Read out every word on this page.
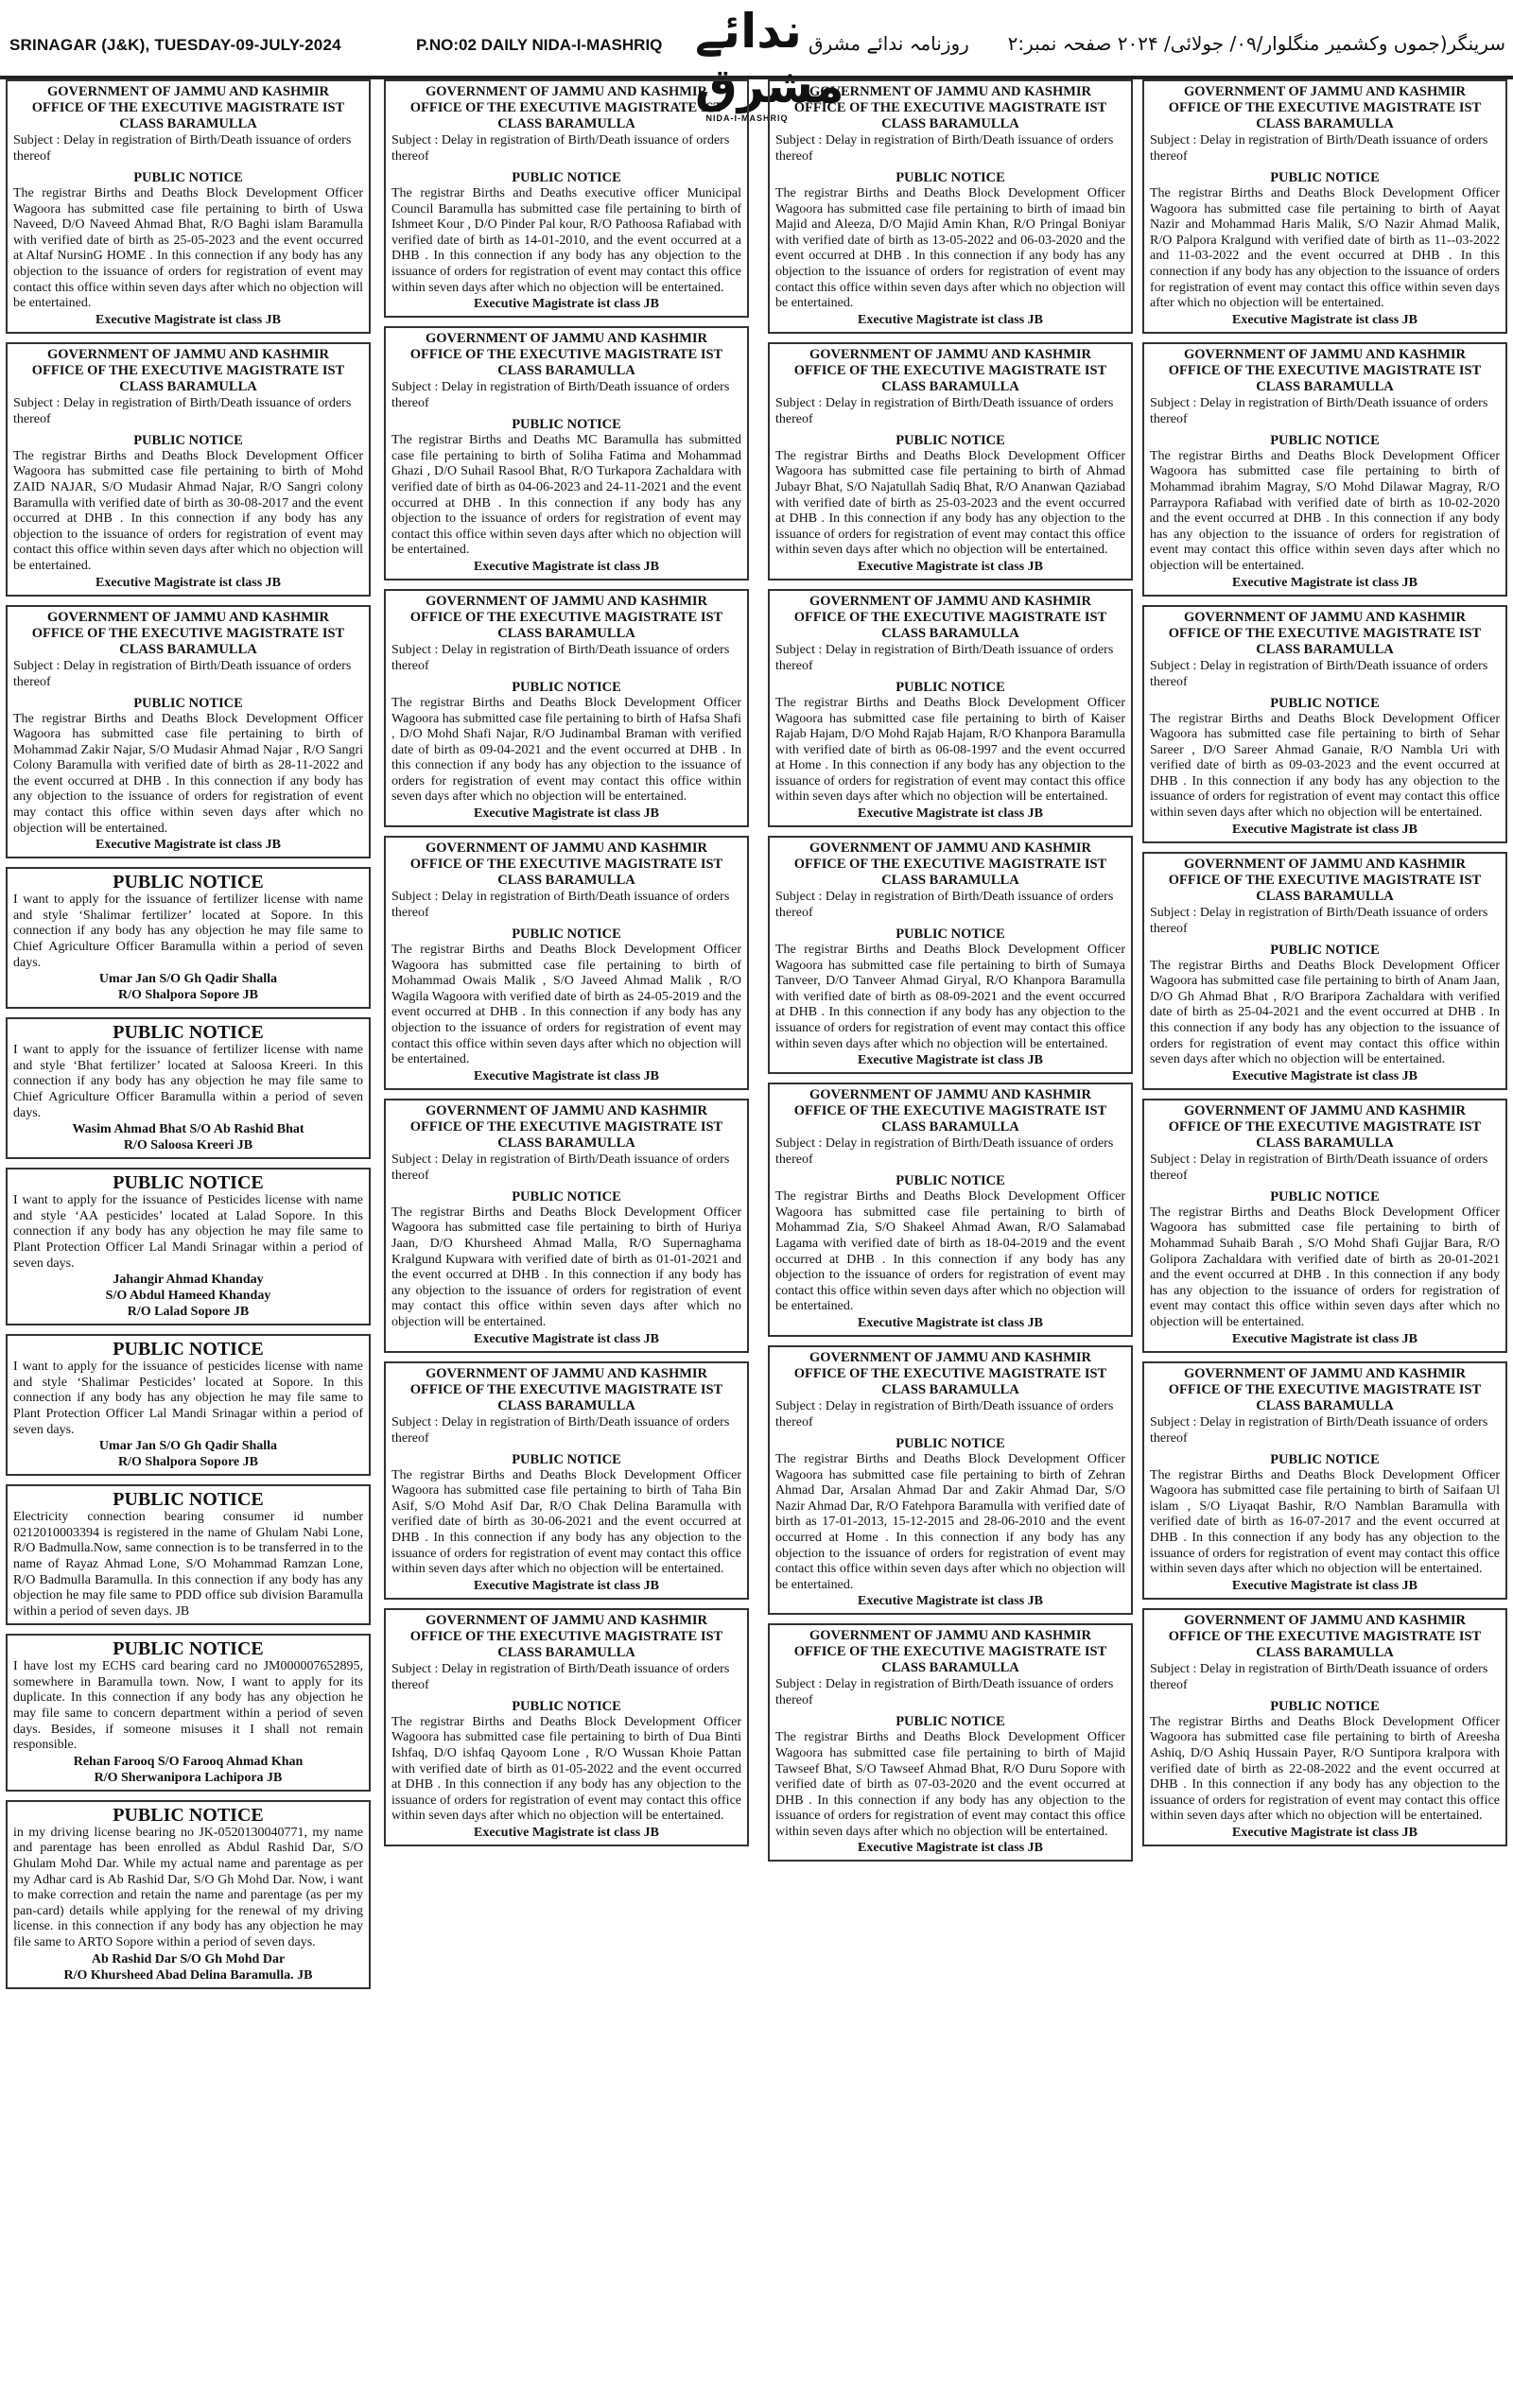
SRINAGAR (J&K), TUESDAY-09-JULY-2024	P.NO:02 DAILY NIDA-I-MASHRIQ ندائے مشرق
NIDA-I-MASHRIQ
روزنامہ ندائے مشرق سرینگر(جموں وکشمیر منگلوار/۰۹/ جولائی/ ۲۰۲۴ صفحہ نمبر:۲
GOVERNMENT OF JAMMU AND KASHMIR
OFFICE OF THE EXECUTIVE MAGISTRATE IST
CLASS BARAMULLA
Subject : Delay in registration of Birth/Death issuance of orders thereof
PUBLIC NOTICE
The registrar Births and Deaths Block Development Officer Wagoora has submitted case file pertaining to birth of Uswa Naveed, D/O Naveed Ahmad Bhat, R/O Baghi islam Baramulla with verified date of birth as 25-05-2023 and the event occurred at Altaf NursinG HOME . In this connection if any body has any objection to the issuance of orders for registration of event may contact this office within seven days after which no objection will be entertained.
Executive Magistrate ist class JB
GOVERNMENT OF JAMMU AND KASHMIR
OFFICE OF THE EXECUTIVE MAGISTRATE IST
CLASS BARAMULLA
Subject : Delay in registration of Birth/Death issuance of orders thereof
PUBLIC NOTICE
The registrar Births and Deaths Block Development Officer Wagoora has submitted case file pertaining to birth of Mohd ZAID NAJAR, S/O Mudasir Ahmad Najar, R/O Sangri colony Baramulla with verified date of birth as 30-08-2017 and the event occurred at DHB . In this connection if any body has any objection to the issuance of orders for registration of event may contact this office within seven days after which no objection will be entertained.
Executive Magistrate ist class JB
GOVERNMENT OF JAMMU AND KASHMIR
OFFICE OF THE EXECUTIVE MAGISTRATE IST
CLASS BARAMULLA
Subject : Delay in registration of Birth/Death issuance of orders thereof
PUBLIC NOTICE
The registrar Births and Deaths Block Development Officer Wagoora has submitted case file pertaining to birth of Mohammad Zakir Najar, S/O Mudasir Ahmad Najar , R/O Sangri Colony Baramulla with verified date of birth as 28-11-2022 and the event occurred at DHB . In this connection if any body has any objection to the issuance of orders for registration of event may contact this office within seven days after which no objection will be entertained.
Executive Magistrate ist class JB
PUBLIC NOTICE
I want to apply for the issuance of fertilizer license with name and style ‘Shalimar fertilizer’ located at Sopore. In this connection if any body has any objection he may file same to Chief Agriculture Officer Baramulla within a period of seven days.
Umar Jan S/O Gh Qadir Shalla
R/O Shalpora Sopore JB
PUBLIC NOTICE
I want to apply for the issuance of fertilizer license with name and style ‘Bhat fertilizer’ located at Saloosa Kreeri. In this connection if any body has any objection he may file same to Chief Agriculture Officer Baramulla within a period of seven days.
Wasim Ahmad Bhat S/O Ab Rashid Bhat
R/O Saloosa Kreeri JB
PUBLIC NOTICE
I want to apply for the issuance of Pesticides license with name and style ‘AA pesticides’ located at Lalad Sopore. In this connection if any body has any objection he may file same to Plant Protection Officer Lal Mandi Srinagar within a period of seven days.
Jahangir Ahmad Khanday
S/O Abdul Hameed Khanday
R/O Lalad Sopore JB
PUBLIC NOTICE
I want to apply for the issuance of pesticides license with name and style ‘Shalimar Pesticides’ located at Sopore. In this connection if any body has any objection he may file same to Plant Protection Officer Lal Mandi Srinagar within a period of seven days.
Umar Jan S/O Gh Qadir Shalla
R/O Shalpora Sopore JB
PUBLIC NOTICE
Electricity connection bearing consumer id number 0212010003394 is registered in the name of Ghulam Nabi Lone, R/O Badmulla.Now, same connection is to be transferred in to the name of Rayaz Ahmad Lone, S/O Mohammad Ramzan Lone, R/O Badmulla Baramulla. In this connection if any body has any objection he may file same to PDD office sub division Baramulla within a period of seven days. JB
PUBLIC NOTICE
I have lost my ECHS card bearing card no JM000007652895, somewhere in Baramulla town. Now, I want to apply for its duplicate. In this connection if any body has any objection he may file same to concern department within a period of seven days. Besides, if someone misuses it I shall not remain responsible.
Rehan Farooq S/O Farooq Ahmad Khan
R/O Sherwanipora Lachipora JB
PUBLIC NOTICE
in my driving license bearing no JK-0520130040771, my name and parentage has been enrolled as Abdul Rashid Dar, S/O Ghulam Mohd Dar. While my actual name and parentage as per my Adhar card is Ab Rashid Dar, S/O Gh Mohd Dar. Now, i want to make correction and retain the name and parentage (as per my pan-card) details while applying for the renewal of my driving license. in this connection if any body has any objection he may file same to ARTO Sopore within a period of seven days.
Ab Rashid Dar S/O Gh Mohd Dar
R/O Khursheed Abad Delina Baramulla. JB
GOVERNMENT OF JAMMU AND KASHMIR
OFFICE OF THE EXECUTIVE MAGISTRATE IST
CLASS BARAMULLA
Subject : Delay in registration of Birth/Death issuance of orders thereof
PUBLIC NOTICE
The registrar Births and Deaths executive officer Municipal Council Baramulla has submitted case file pertaining to birth of Ishmeet Kour , D/O Pinder Pal kour, R/O Pathoosa Rafiabad with verified date of birth as 14-01-2010, and the event occurred at a DHB . In this connection if any body has any objection to the issuance of orders for registration of event may contact this office within seven days after which no objection will be entertained.
Executive Magistrate ist class JB
GOVERNMENT OF JAMMU AND KASHMIR
OFFICE OF THE EXECUTIVE MAGISTRATE IST
CLASS BARAMULLA
Subject : Delay in registration of Birth/Death issuance of orders thereof
PUBLIC NOTICE
The registrar Births and Deaths MC Baramulla has submitted case file pertaining to birth of Soliha Fatima and Mohammad Ghazi , D/O Suhail Rasool Bhat, R/O Turkapora Zachaldara with verified date of birth as 04-06-2023 and 24-11-2021 and the event occurred at DHB . In this connection if any body has any objection to the issuance of orders for registration of event may contact this office within seven days after which no objection will be entertained.
Executive Magistrate ist class JB
GOVERNMENT OF JAMMU AND KASHMIR
OFFICE OF THE EXECUTIVE MAGISTRATE IST
CLASS BARAMULLA
Subject : Delay in registration of Birth/Death issuance of orders thereof
PUBLIC NOTICE
The registrar Births and Deaths Block Development Officer Wagoora has submitted case file pertaining to birth of Hafsa Shafi , D/O Mohd Shafi Najar, R/O Judinambal Braman with verified date of birth as 09-04-2021 and the event occurred at DHB . In this connection if any body has any objection to the issuance of orders for registration of event may contact this office within seven days after which no objection will be entertained.
Executive Magistrate ist class JB
GOVERNMENT OF JAMMU AND KASHMIR
OFFICE OF THE EXECUTIVE MAGISTRATE IST
CLASS BARAMULLA
Subject : Delay in registration of Birth/Death issuance of orders thereof
PUBLIC NOTICE
The registrar Births and Deaths Block Development Officer Wagoora has submitted case file pertaining to birth of Mohammad Owais Malik , S/O Javeed Ahmad Malik , R/O Wagila Wagoora with verified date of birth as 24-05-2019 and the event occurred at DHB . In this connection if any body has any objection to the issuance of orders for registration of event may contact this office within seven days after which no objection will be entertained.
Executive Magistrate ist class JB
GOVERNMENT OF JAMMU AND KASHMIR
OFFICE OF THE EXECUTIVE MAGISTRATE IST
CLASS BARAMULLA
Subject : Delay in registration of Birth/Death issuance of orders thereof
PUBLIC NOTICE
The registrar Births and Deaths Block Development Officer Wagoora has submitted case file pertaining to birth of Huriya Jaan, D/O Khursheed Ahmad Malla, R/O Supernaghama Kralgund Kupwara with verified date of birth as 01-01-2021 and the event occurred at DHB . In this connection if any body has any objection to the issuance of orders for registration of event may contact this office within seven days after which no objection will be entertained.
Executive Magistrate ist class JB
GOVERNMENT OF JAMMU AND KASHMIR
OFFICE OF THE EXECUTIVE MAGISTRATE IST
CLASS BARAMULLA
Subject : Delay in registration of Birth/Death issuance of orders thereof
PUBLIC NOTICE
The registrar Births and Deaths Block Development Officer Wagoora has submitted case file pertaining to birth of Taha Bin Asif, S/O Mohd Asif Dar, R/O Chak Delina Baramulla with verified date of birth as 30-06-2021 and the event occurred at DHB . In this connection if any body has any objection to the issuance of orders for registration of event may contact this office within seven days after which no objection will be entertained.
Executive Magistrate ist class JB
GOVERNMENT OF JAMMU AND KASHMIR
OFFICE OF THE EXECUTIVE MAGISTRATE IST
CLASS BARAMULLA
Subject : Delay in registration of Birth/Death issuance of orders thereof
PUBLIC NOTICE
The registrar Births and Deaths Block Development Officer Wagoora has submitted case file pertaining to birth of Dua Binti Ishfaq, D/O ishfaq Qayoom Lone , R/O Wussan Khoie Pattan with verified date of birth as 01-05-2022 and the event occurred at DHB . In this connection if any body has any objection to the issuance of orders for registration of event may contact this office within seven days after which no objection will be entertained.
Executive Magistrate ist class JB
GOVERNMENT OF JAMMU AND KASHMIR
OFFICE OF THE EXECUTIVE MAGISTRATE IST
CLASS BARAMULLA
Subject : Delay in registration of Birth/Death issuance of orders thereof
PUBLIC NOTICE
The registrar Births and Deaths Block Development Officer Wagoora has submitted case file pertaining to birth of imaad bin Majid and Aleeza, D/O Majid Amin Khan, R/O Pringal Boniyar with verified date of birth as 13-05-2022 and 06-03-2020 and the event occurred at DHB . In this connection if any body has any objection to the issuance of orders for registration of event may contact this office within seven days after which no objection will be entertained.
Executive Magistrate ist class JB
GOVERNMENT OF JAMMU AND KASHMIR
OFFICE OF THE EXECUTIVE MAGISTRATE IST
CLASS BARAMULLA
Subject : Delay in registration of Birth/Death issuance of orders thereof
PUBLIC NOTICE
The registrar Births and Deaths Block Development Officer Wagoora has submitted case file pertaining to birth of Ahmad Jubayr Bhat, S/O Najatullah Sadiq Bhat, R/O Ananwan Qaziabad with verified date of birth as 25-03-2023 and the event occurred at DHB . In this connection if any body has any objection to the issuance of orders for registration of event may contact this office within seven days after which no objection will be entertained.
Executive Magistrate ist class JB
GOVERNMENT OF JAMMU AND KASHMIR
OFFICE OF THE EXECUTIVE MAGISTRATE IST
CLASS BARAMULLA
Subject : Delay in registration of Birth/Death issuance of orders thereof
PUBLIC NOTICE
The registrar Births and Deaths Block Development Officer Wagoora has submitted case file pertaining to birth of Kaiser Rajab Hajam, D/O Mohd Rajab Hajam, R/O Khanpora Baramulla with verified date of birth as 06-08-1997 and the event occurred at Home . In this connection if any body has any objection to the issuance of orders for registration of event may contact this office within seven days after which no objection will be entertained.
Executive Magistrate ist class JB
GOVERNMENT OF JAMMU AND KASHMIR
OFFICE OF THE EXECUTIVE MAGISTRATE IST
CLASS BARAMULLA
Subject : Delay in registration of Birth/Death issuance of orders thereof
PUBLIC NOTICE
The registrar Births and Deaths Block Development Officer Wagoora has submitted case file pertaining to birth of Sumaya Tanveer, D/O Tanveer Ahmad Giryal, R/O Khanpora Baramulla with verified date of birth as 08-09-2021 and the event occurred at DHB . In this connection if any body has any objection to the issuance of orders for registration of event may contact this office within seven days after which no objection will be entertained.
Executive Magistrate ist class JB
GOVERNMENT OF JAMMU AND KASHMIR
OFFICE OF THE EXECUTIVE MAGISTRATE IST
CLASS BARAMULLA
Subject : Delay in registration of Birth/Death issuance of orders thereof
PUBLIC NOTICE
The registrar Births and Deaths Block Development Officer Wagoora has submitted case file pertaining to birth of Mohammad Zia, S/O Shakeel Ahmad Awan, R/O Salamabad Lagama with verified date of birth as 18-04-2019 and the event occurred at DHB . In this connection if any body has any objection to the issuance of orders for registration of event may contact this office within seven days after which no objection will be entertained.
Executive Magistrate ist class JB
GOVERNMENT OF JAMMU AND KASHMIR
OFFICE OF THE EXECUTIVE MAGISTRATE IST
CLASS BARAMULLA
Subject : Delay in registration of Birth/Death issuance of orders thereof
PUBLIC NOTICE
The registrar Births and Deaths Block Development Officer Wagoora has submitted case file pertaining to birth of Zehran Ahmad Dar, Arsalan Ahmad Dar and Zakir Ahmad Dar, S/O Nazir Ahmad Dar, R/O Fatehpora Baramulla with verified date of birth as 17-01-2013, 15-12-2015 and 28-06-2010 and the event occurred at Home . In this connection if any body has any objection to the issuance of orders for registration of event may contact this office within seven days after which no objection will be entertained.
Executive Magistrate ist class JB
GOVERNMENT OF JAMMU AND KASHMIR
OFFICE OF THE EXECUTIVE MAGISTRATE IST
CLASS BARAMULLA
Subject : Delay in registration of Birth/Death issuance of orders thereof
PUBLIC NOTICE
The registrar Births and Deaths Block Development Officer Wagoora has submitted case file pertaining to birth of Majid Tawseef Bhat, S/O Tawseef Ahmad Bhat, R/O Duru Sopore with verified date of birth as 07-03-2020 and the event occurred at DHB . In this connection if any body has any objection to the issuance of orders for registration of event may contact this office within seven days after which no objection will be entertained.
Executive Magistrate ist class JB
GOVERNMENT OF JAMMU AND KASHMIR
OFFICE OF THE EXECUTIVE MAGISTRATE IST
CLASS BARAMULLA
Subject : Delay in registration of Birth/Death issuance of orders thereof
PUBLIC NOTICE
The registrar Births and Deaths Block Development Officer Wagoora has submitted case file pertaining to birth of Aayat Nazir and Mohammad Haris Malik, S/O Nazir Ahmad Malik, R/O Palpora Kralgund with verified date of birth as 11--03-2022 and 11-03-2022 and the event occurred at DHB . In this connection if any body has any objection to the issuance of orders for registration of event may contact this office within seven days after which no objection will be entertained.
Executive Magistrate ist class JB
GOVERNMENT OF JAMMU AND KASHMIR
OFFICE OF THE EXECUTIVE MAGISTRATE IST
CLASS BARAMULLA
Subject : Delay in registration of Birth/Death issuance of orders thereof
PUBLIC NOTICE
The registrar Births and Deaths Block Development Officer Wagoora has submitted case file pertaining to birth of Mohammad ibrahim Magray, S/O Mohd Dilawar Magray, R/O Parraypora Rafiabad with verified date of birth as 10-02-2020 and the event occurred at DHB . In this connection if any body has any objection to the issuance of orders for registration of event may contact this office within seven days after which no objection will be entertained.
Executive Magistrate ist class JB
GOVERNMENT OF JAMMU AND KASHMIR
OFFICE OF THE EXECUTIVE MAGISTRATE IST
CLASS BARAMULLA
Subject : Delay in registration of Birth/Death issuance of orders thereof
PUBLIC NOTICE
The registrar Births and Deaths Block Development Officer Wagoora has submitted case file pertaining to birth of Sehar Sareer , D/O Sareer Ahmad Ganaie, R/O Nambla Uri with verified date of birth as 09-03-2023 and the event occurred at DHB . In this connection if any body has any objection to the issuance of orders for registration of event may contact this office within seven days after which no objection will be entertained.
Executive Magistrate ist class JB
GOVERNMENT OF JAMMU AND KASHMIR
OFFICE OF THE EXECUTIVE MAGISTRATE IST
CLASS BARAMULLA
Subject : Delay in registration of Birth/Death issuance of orders thereof
PUBLIC NOTICE
The registrar Births and Deaths Block Development Officer Wagoora has submitted case file pertaining to birth of Anam Jaan, D/O Gh Ahmad Bhat , R/O Braripora Zachaldara with verified date of birth as 25-04-2021 and the event occurred at DHB . In this connection if any body has any objection to the issuance of orders for registration of event may contact this office within seven days after which no objection will be entertained.
Executive Magistrate ist class JB
GOVERNMENT OF JAMMU AND KASHMIR
OFFICE OF THE EXECUTIVE MAGISTRATE IST
CLASS BARAMULLA
Subject : Delay in registration of Birth/Death issuance of orders thereof
PUBLIC NOTICE
The registrar Births and Deaths Block Development Officer Wagoora has submitted case file pertaining to birth of Mohammad Suhaib Barah , S/O Mohd Shafi Gujjar Bara, R/O Golipora Zachaldara with verified date of birth as 20-01-2021 and the event occurred at DHB . In this connection if any body has any objection to the issuance of orders for registration of event may contact this office within seven days after which no objection will be entertained.
Executive Magistrate ist class JB
GOVERNMENT OF JAMMU AND KASHMIR
OFFICE OF THE EXECUTIVE MAGISTRATE IST
CLASS BARAMULLA
Subject : Delay in registration of Birth/Death issuance of orders thereof
PUBLIC NOTICE
The registrar Births and Deaths Block Development Officer Wagoora has submitted case file pertaining to birth of Saifaan Ul islam , S/O Liyaqat Bashir, R/O Namblan Baramulla with verified date of birth as 16-07-2017 and the event occurred at DHB . In this connection if any body has any objection to the issuance of orders for registration of event may contact this office within seven days after which no objection will be entertained.
Executive Magistrate ist class JB
GOVERNMENT OF JAMMU AND KASHMIR
OFFICE OF THE EXECUTIVE MAGISTRATE IST
CLASS BARAMULLA
Subject : Delay in registration of Birth/Death issuance of orders thereof
PUBLIC NOTICE
The registrar Births and Deaths Block Development Officer Wagoora has submitted case file pertaining to birth of Areesha Ashiq, D/O Ashiq Hussain Payer, R/O Suntipora kralpora with verified date of birth as 22-08-2022 and the event occurred at DHB . In this connection if any body has any objection to the issuance of orders for registration of event may contact this office within seven days after which no objection will be entertained.
Executive Magistrate ist class JB
